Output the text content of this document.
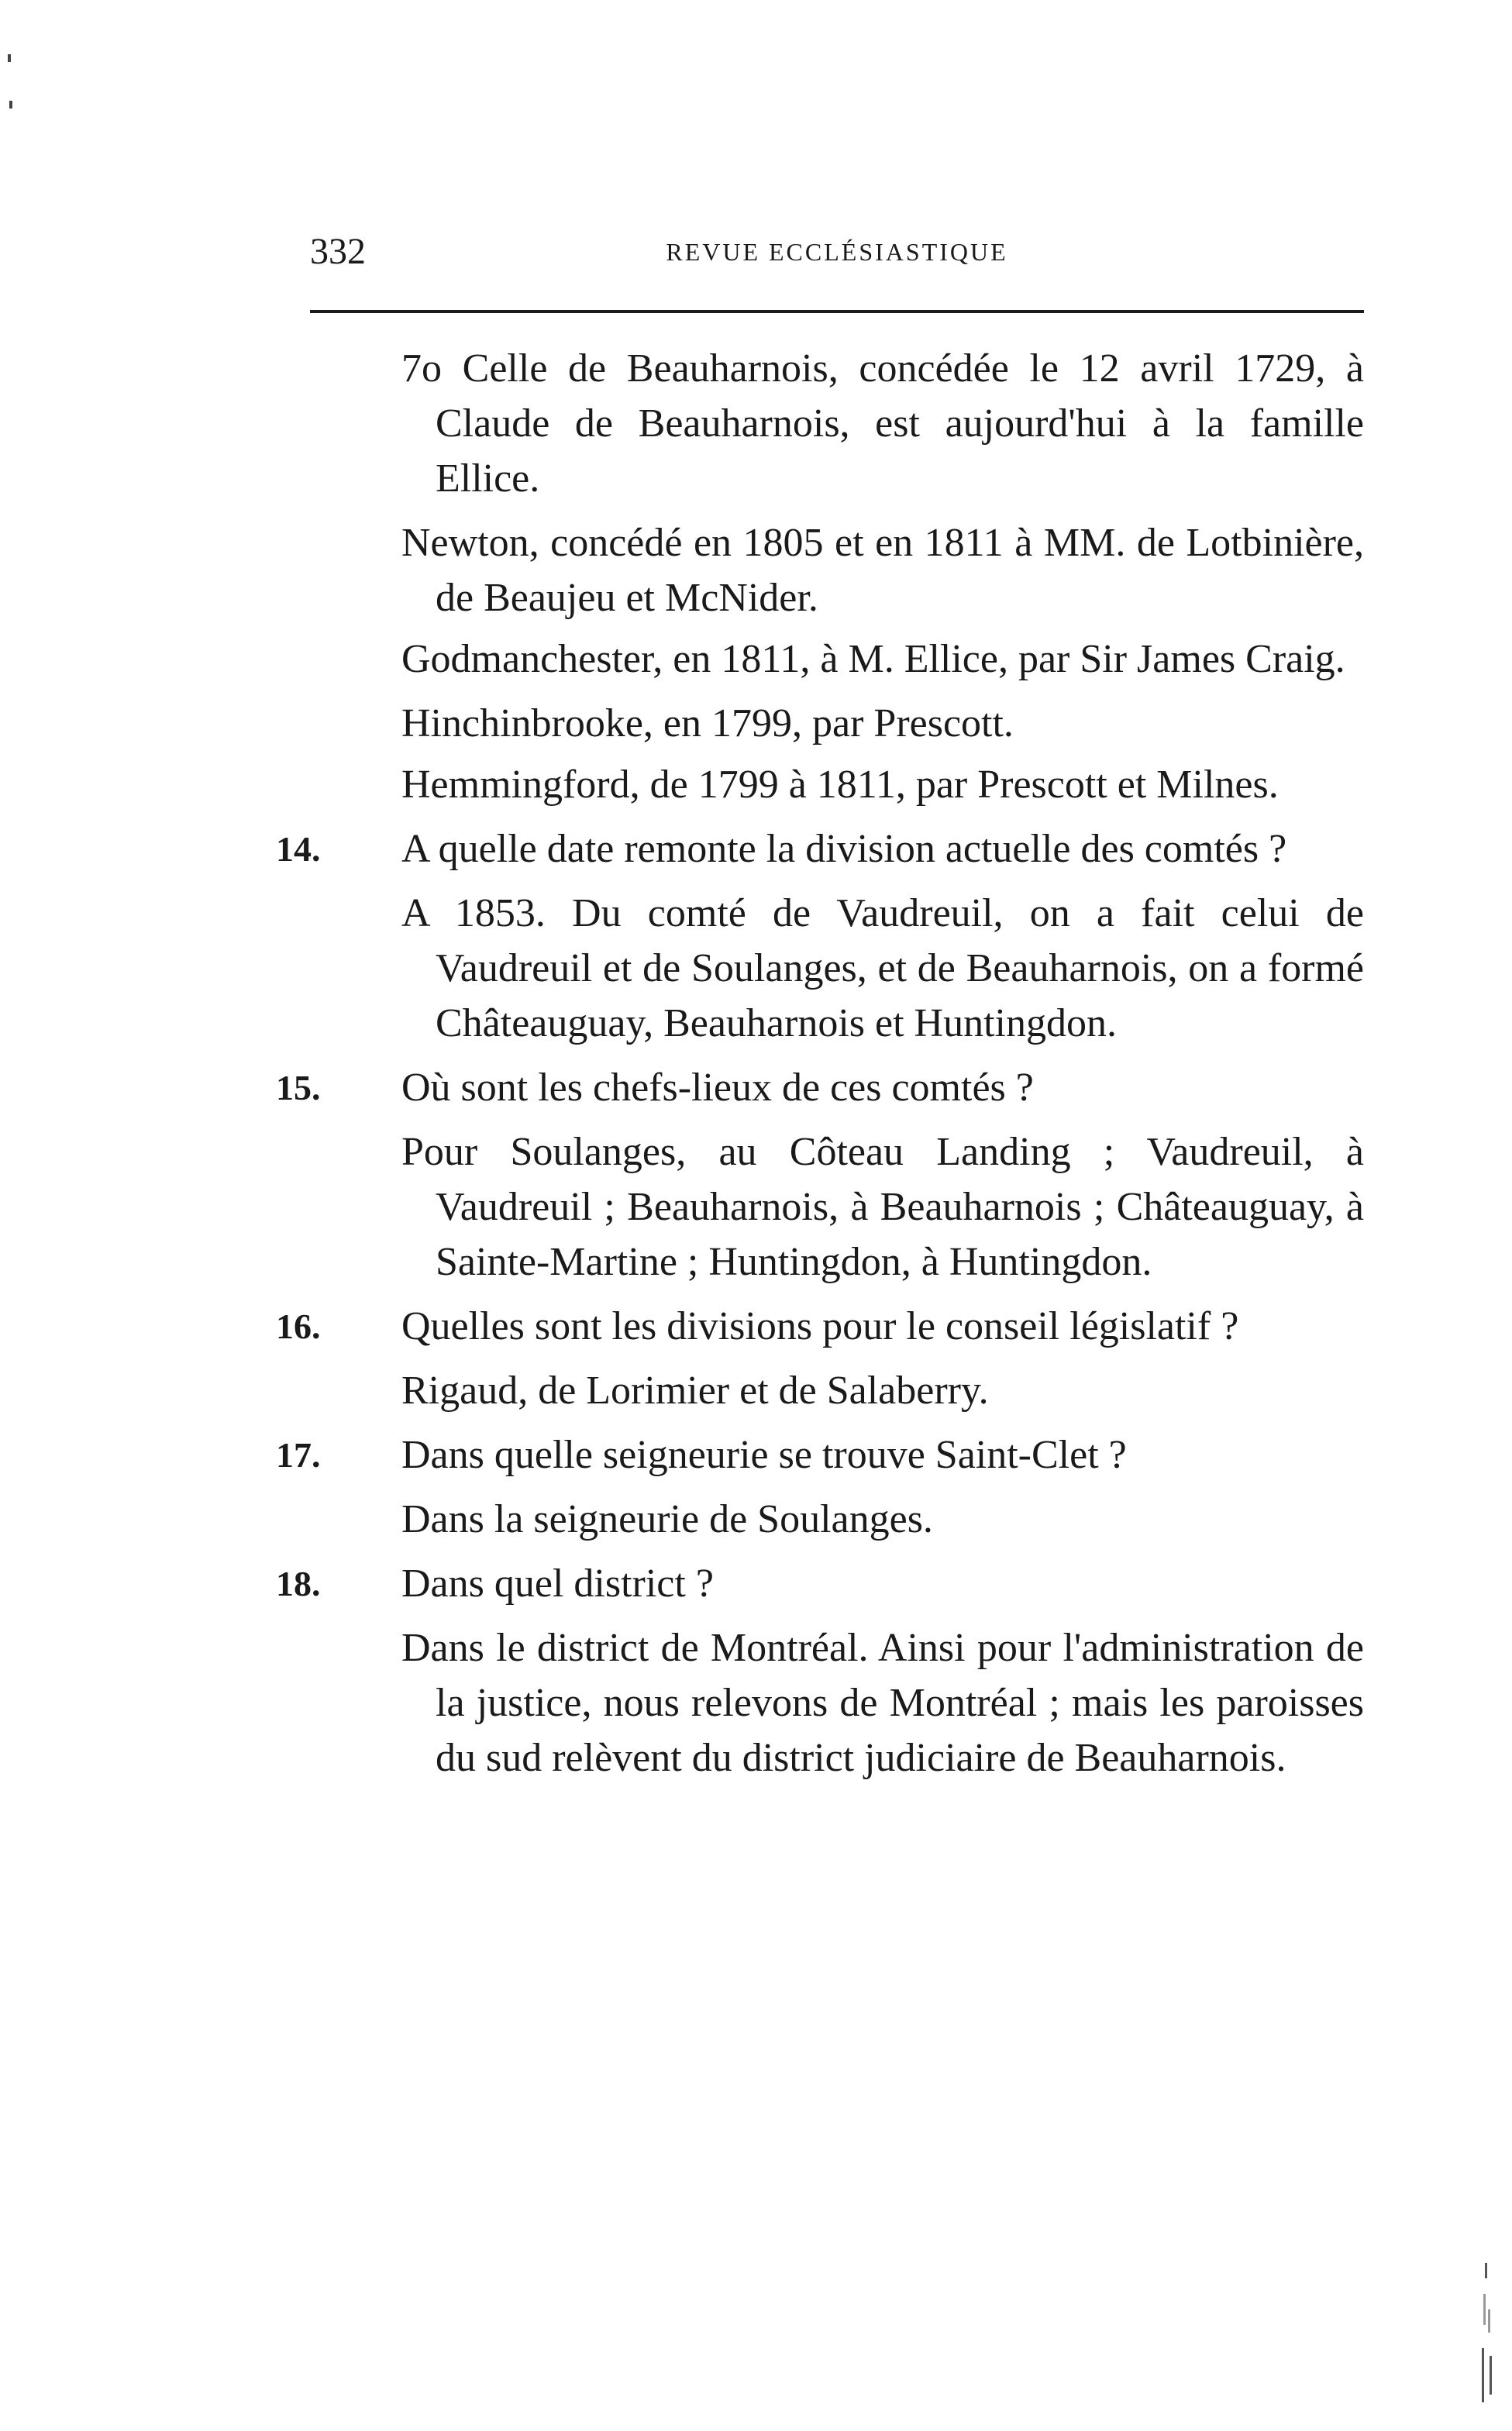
332	REVUE ECCLÉSIASTIQUE
7o Celle de Beauharnois, concédée le 12 avril 1729, à Claude de Beauharnois, est aujourd'hui à la famille Ellice.
Newton, concédé en 1805 et en 1811 à MM. de Lotbinière, de Beaujeu et McNider.
Godmanchester, en 1811, à M. Ellice, par Sir James Craig.
Hinchinbrooke, en 1799, par Prescott.
Hemmingford, de 1799 à 1811, par Prescott et Milnes.
14. A quelle date remonte la division actuelle des comtés ?
A 1853. Du comté de Vaudreuil, on a fait celui de Vaudreuil et de Soulanges, et de Beauharnois, on a formé Châteauguay, Beauharnois et Huntingdon.
15. Où sont les chefs-lieux de ces comtés ?
Pour Soulanges, au Côteau Landing ; Vaudreuil, à Vaudreuil ; Beauharnois, à Beauharnois ; Châteauguay, à Sainte-Martine ; Huntingdon, à Huntingdon.
16. Quelles sont les divisions pour le conseil législatif ?
Rigaud, de Lorimier et de Salaberry.
17. Dans quelle seigneurie se trouve Saint-Clet ?
Dans la seigneurie de Soulanges.
18. Dans quel district ?
Dans le district de Montréal. Ainsi pour l'administration de la justice, nous relevons de Montréal ; mais les paroisses du sud relèvent du district judiciaire de Beauharnois.
